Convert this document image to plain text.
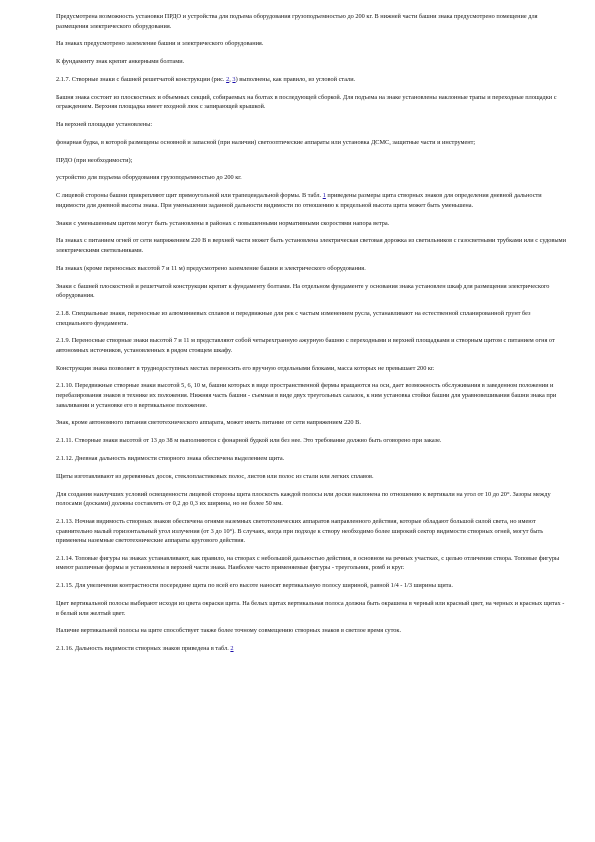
Предусмотрена возможность установки ПРДО и устройства для подъема оборудования грузоподъемностью до 200 кг. В нижней части башни знака предусмотрено помещение для размещения электрического оборудования.

На знаках предусмотрено заземление башни и электрического оборудования.

К фундаменту знак крепят анкерными болтами.

2.1.7. Створные знаки с башней решетчатой конструкции (рис. 2, 3) выполнены, как правило, из угловой стали.

Башня знака состоит из плоскостных и объемных секций, собираемых на болтах в последующей сборкой. Для подъема на знаке установлены наклонные трапы и переходные площадки с ограждением. Верхняя площадка имеет входной люк с запирающей крышкой.

На верхней площадке установлены:

фонарная будка, в которой размещены основной и запасной (при наличии) светооптические аппараты или установка ДСМС, защитные части и инструмент;

ПРДО (при необходимости);

устройство для подъема оборудования грузоподъемностью до 200 кг.

С лицевой стороны башни прикрепляют щит прямоугольной или трапецеидальной формы. В табл. 1 приведены размеры щита створных знаков для определения дневной дальности видимости для дневной высоты знака. При уменьшении заданной дальности видимости по отношению к предельной высота щита может быть уменьшена.

Знаки с уменьшенным щитом могут быть установлены в районах с повышенными нормативными скоростями напора ветра.

На знаках с питанием огней от сети напряжением 220 В в верхней части может быть установлена электрическая световая дорожка из светильников с газосветными трубками или с судовыми электрическими светильниками.

На знаках (кроме переносных высотой 7 и 11 м) предусмотрено заземление башни и электрического оборудования.

Знаки с башней плоскостной и решетчатой конструкции крепят к фундаменту болтами. На отдельном фундаменте у основания знака установлен шкаф для размещения электрического оборудования.

2.1.8. Специальные знаки, переносные из алюминиевых сплавов и передвижные для рек с частым изменением русла, устанавливают на естественной спланированной грунт без специального фундамента.

2.1.9. Переносные створные знаки высотой 7 и 11 м представляют собой четырехгранную ажурную башню с переходными и верхней площадками и створным щитом с питанием огня от автономных источников, установленных в рядом стоящем шкафу.

Конструкция знака позволяет в труднодоступных местах переносить его вручную отдельными блоками, масса которых не превышает 200 кг.

2.1.10. Передвижные створные знаки высотой 5, 6, 10 м, башни которых в виде пространственной фермы вращаются на оси, дает возможность обслуживания в заведенном положении и перебазирования знаков в технике их положения. Нижняя часть башни - съемная в виде двух треугольных салазок, к ним установка стойки башни для уравновешивания башни знака при заваливании и установке его в вертикальное положение.

Знак, кроме автономного питания светотехнического аппарата, может иметь питание от сети напряжением 220 В.

2.1.11. Створные знаки высотой от 13 до 38 м выполняются с фонарной будкой или без нее. Это требование должно быть оговорено при заказе.

2.1.12. Дневная дальность видимости створного знака обеспечена выделением щита.

Щиты изготавливают из деревянных досок, стеклопластиковых полос, листов или полос из стали или легких сплавов.

Для создания наилучших условий освещенности лицевой стороны щита плоскость каждой полосы или доски наклонена по отношению к вертикали на угол от 10 до 20°. Зазоры между полосами (досками) должны составлять от 0,2 до 0,3 их ширины, но не более 50 мм.

2.1.13. Ночная видимость створных знаков обеспечена огнями наземных светотехнических аппаратов направленного действия, которые обладают большой силой света, но имеют сравнительно малый горизонтальный угол излучения (от 3 до 10°). В случаях, когда при подходе к створу необходимо более широкий сектор видимости створных огней, могут быть применены наземные светотехнические аппараты кругового действия.

2.1.14. Топовые фигуры на знаках устанавливают, как правило, на створах с небольшой дальностью действия, в основном на речных участках, с целью отличения створа. Топовые фигуры имеют различные формы и установлены в верхней части знака. Наиболее часто применяемые фигуры - треугольник, ромб и круг.

2.1.15. Для увеличения контрастности посередине щита по всей его высоте наносят вертикальную полосу шириной, равной 1/4 - 1/3 ширины щита.

Цвет вертикальной полосы выбирают исходя из цвета окраски щита. На белых щитах вертикальная полоса должна быть окрашена в черный или красный цвет, на черных и красных щитах - в белый или желтый цвет.

Наличие вертикальной полосы на щите способствует также более точному совмещению створных знаков в светлое время суток.

2.1.16. Дальность видимости створных знаков приведена в табл. 2
